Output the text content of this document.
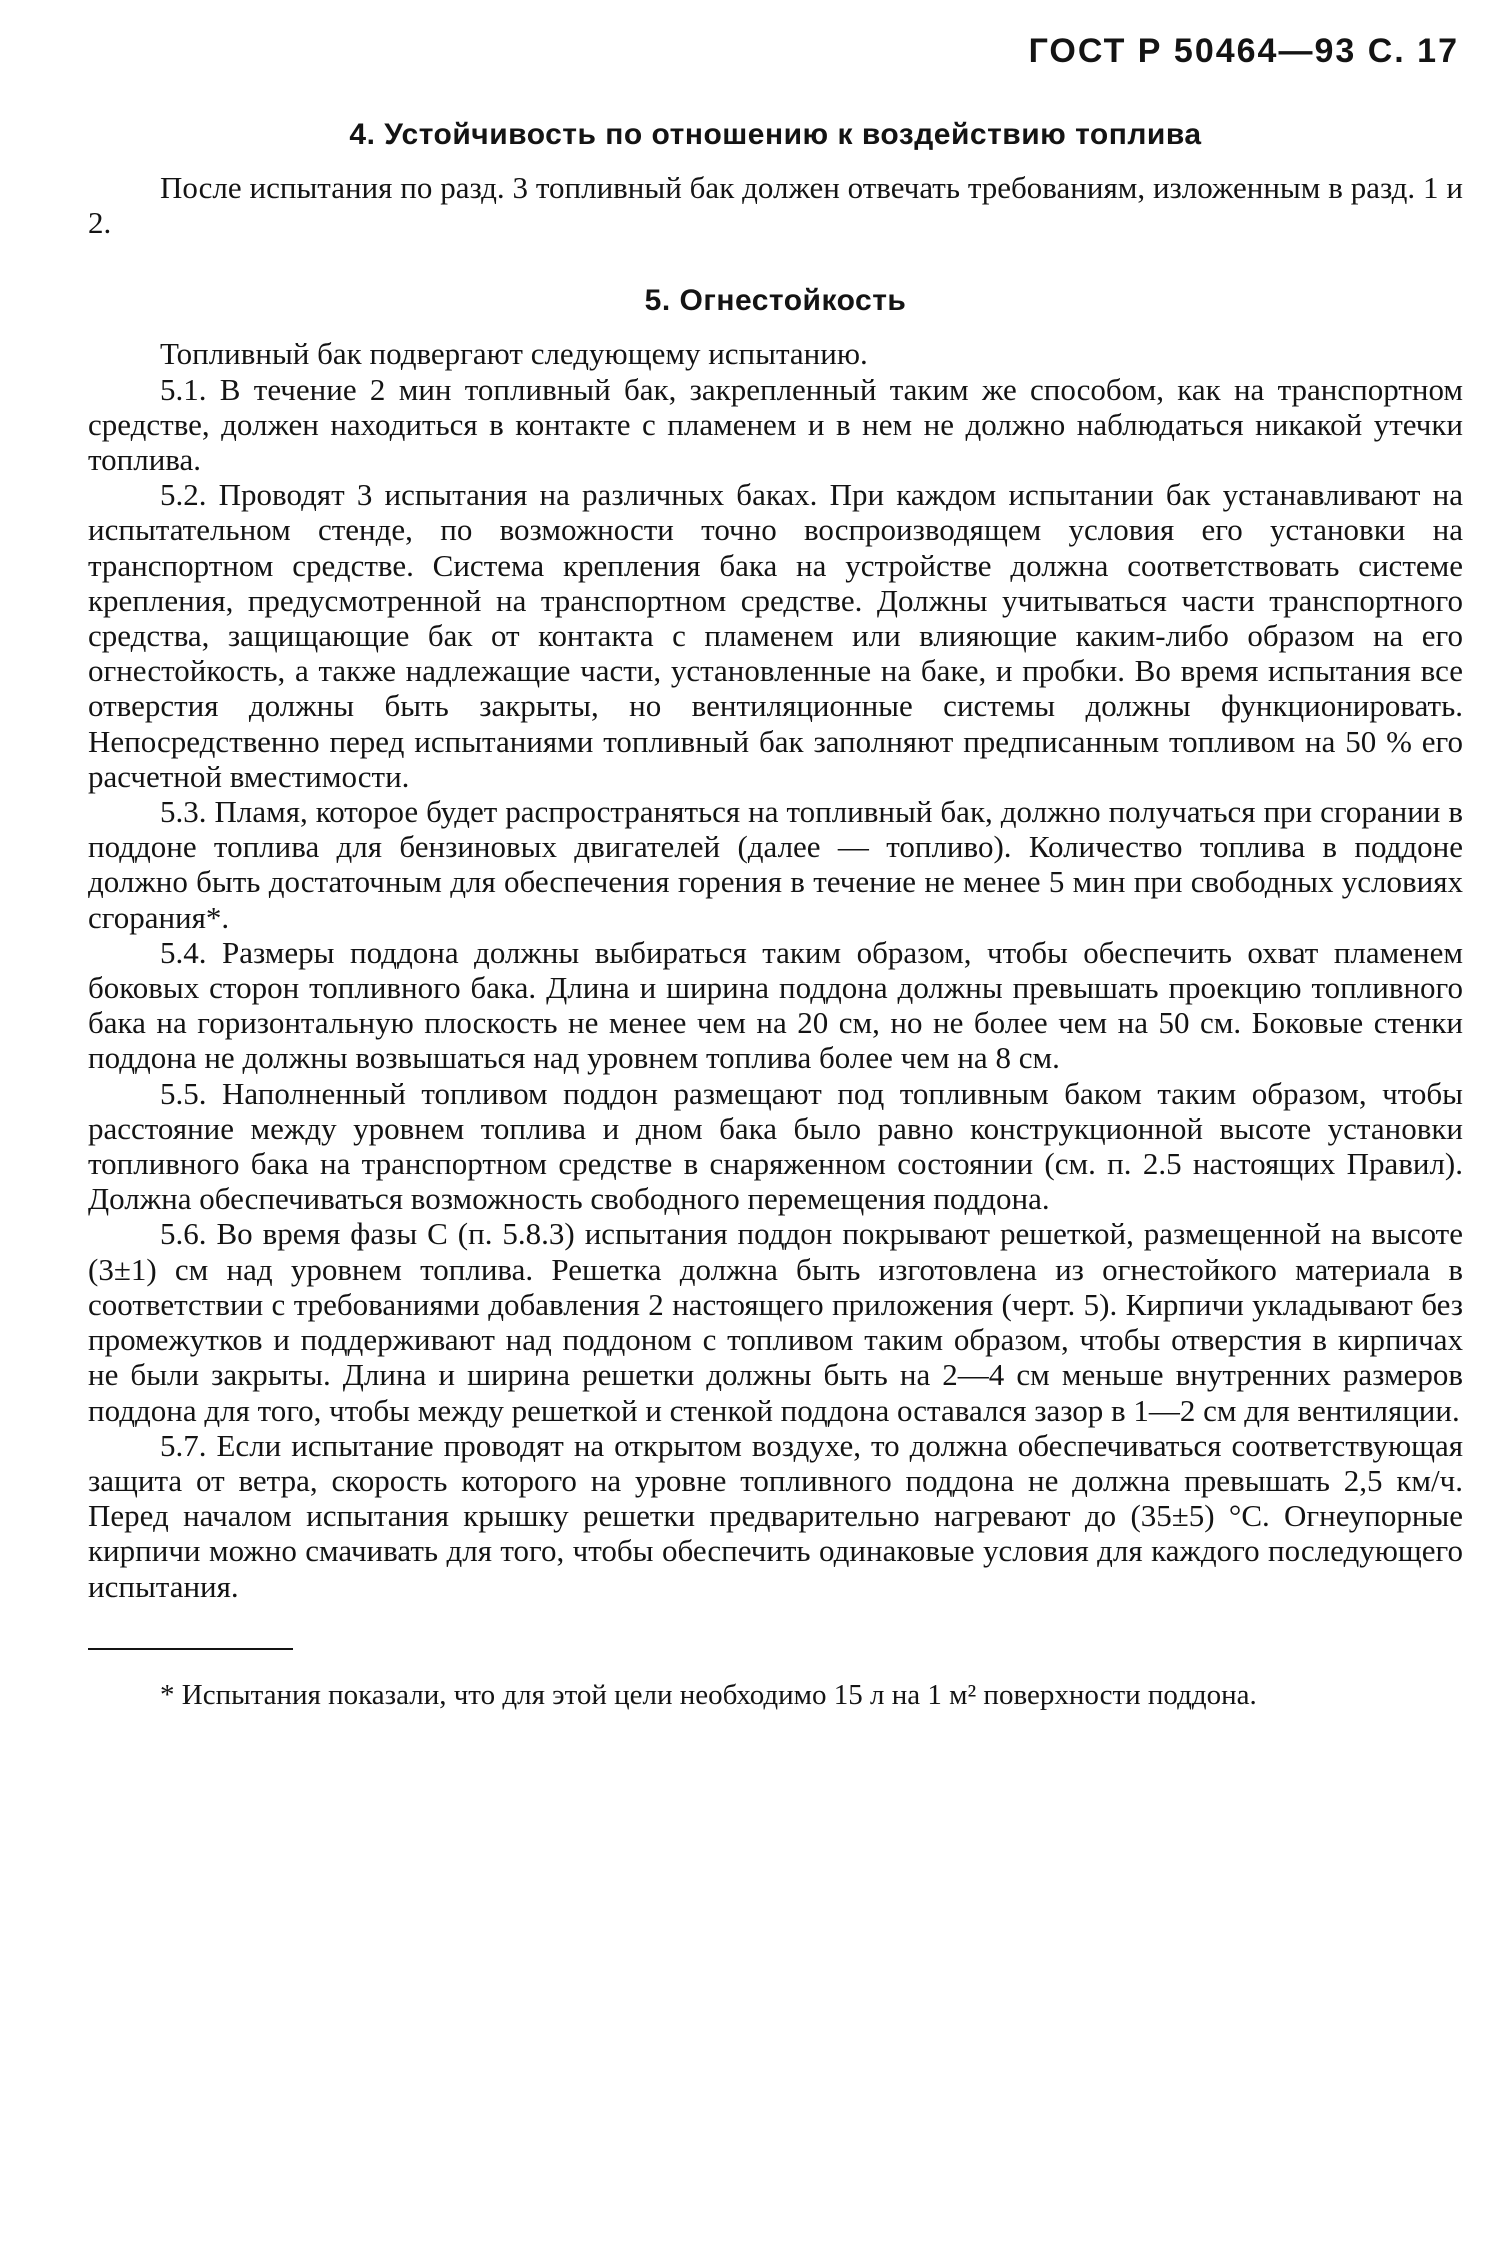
ГОСТ Р 50464—93 С. 17
4. Устойчивость по отношению к воздействию топлива

После испытания по разд. 3 топливный бак должен отвечать требованиям, изложенным в разд. 1 и 2.

5. Огнестойкость

Топливный бак подвергают следующему испытанию.

5.1. В течение 2 мин топливный бак, закрепленный таким же способом, как на транспортном средстве, должен находиться в контакте с пламенем и в нем не должно наблюдаться никакой утечки топлива.

5.2. Проводят 3 испытания на различных баках. При каждом испытании бак устанавливают на испытательном стенде, по возможности точно воспроизводящем условия его установки на транспортном средстве. Система крепления бака на устройстве должна соответствовать системе крепления, предусмотренной на транспортном средстве. Должны учитываться части транспортного средства, защищающие бак от контакта с пламенем или влияющие каким-либо образом на его огнестойкость, а также надлежащие части, установленные на баке, и пробки. Во время испытания все отверстия должны быть закрыты, но вентиляционные системы должны функционировать. Непосредственно перед испытаниями топливный бак заполняют предписанным топливом на 50 % его расчетной вместимости.

5.3. Пламя, которое будет распространяться на топливный бак, должно получаться при сгорании в поддоне топлива для бензиновых двигателей (далее — топливо). Количество топлива в поддоне должно быть достаточным для обеспечения горения в течение не менее 5 мин при свободных условиях сгорания*.

5.4. Размеры поддона должны выбираться таким образом, чтобы обеспечить охват пламенем боковых сторон топливного бака. Длина и ширина поддона должны превышать проекцию топливного бака на горизонтальную плоскость не менее чем на 20 см, но не более чем на 50 см. Боковые стенки поддона не должны возвышаться над уровнем топлива более чем на 8 см.

5.5. Наполненный топливом поддон размещают под топливным баком таким образом, чтобы расстояние между уровнем топлива и дном бака было равно конструкционной высоте установки топливного бака на транспортном средстве в снаряженном состоянии (см. п. 2.5 настоящих Правил). Должна обеспечиваться возможность свободного перемещения поддона.

5.6. Во время фазы С (п. 5.8.3) испытания поддон покрывают решеткой, размещенной на высоте (3±1) см над уровнем топлива. Решетка должна быть изготовлена из огнестойкого материала в соответствии с требованиями добавления 2 настоящего приложения (черт. 5). Кирпичи укладывают без промежутков и поддерживают над поддоном с топливом таким образом, чтобы отверстия в кирпичах не были закрыты. Длина и ширина решетки должны быть на 2—4 см меньше внутренних размеров поддона для того, чтобы между решеткой и стенкой поддона оставался зазор в 1—2 см для вентиляции.

5.7. Если испытание проводят на открытом воздухе, то должна обеспечиваться соответствующая защита от ветра, скорость которого на уровне топливного поддона не должна превышать 2,5 км/ч. Перед началом испытания крышку решетки предварительно нагревают до (35±5) °С. Огнеупорные кирпичи можно смачивать для того, чтобы обеспечить одинаковые условия для каждого последующего испытания.

* Испытания показали, что для этой цели необходимо 15 л на 1 м² поверхности поддона.
